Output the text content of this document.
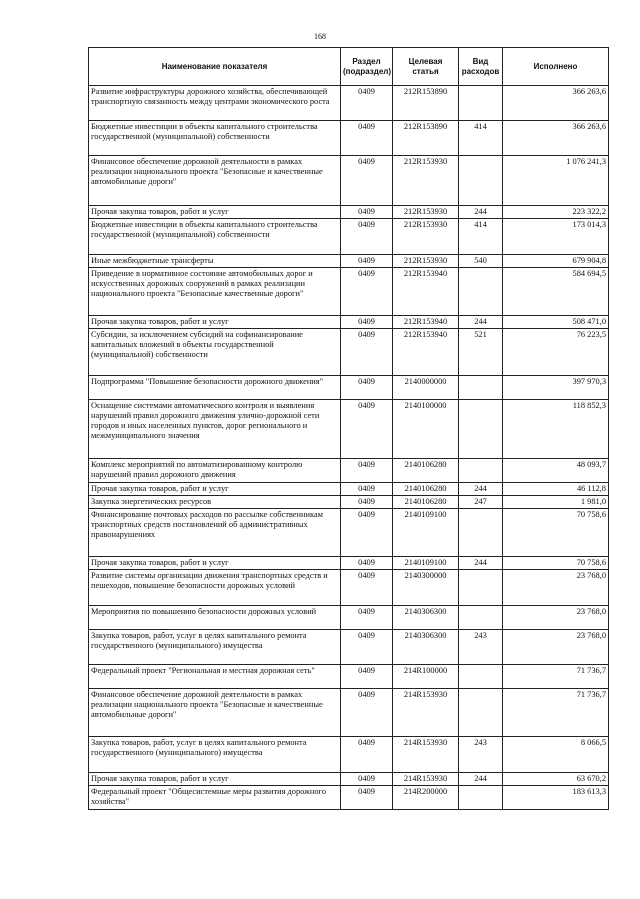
168
Наименование показателя	Раздел (подраздел)	Целевая статья	Вид расходов	Исполнено
Развитие инфраструктуры дорожного хозяйства, обеспечивающей транспортную связанность между центрами экономического роста	0409	212R153890		366 263,6
Бюджетные инвестиции в объекты капитального строительства государственной (муниципальной) собственности	0409	212R153890	414	366 263,6
Финансовое обеспечение дорожной деятельности в рамках реализации национального проекта "Безопасные и качественные автомобильные дороги"	0409	212R153930		1 076 241,3
Прочая закупка товаров, работ и услуг	0409	212R153930	244	223 322,2
Бюджетные инвестиции в объекты капитального строительства государственной (муниципальной) собственности	0409	212R153930	414	173 014,3
Иные межбюджетные трансферты	0409	212R153930	540	679 904,8
Приведение в нормативное состояние автомобильных дорог и искусственных дорожных сооружений в рамках реализации национального проекта "Безопасные качественные дороги"	0409	212R153940		584 694,5
Прочая закупка товаров, работ и услуг	0409	212R153940	244	508 471,0
Субсидии, за исключением субсидий на софинансирование капитальных вложений в объекты государственной (муниципальной) собственности	0409	212R153940	521	76 223,5
Подпрограмма "Повышение безопасности дорожного движения"	0409	2140000000		397 970,3
Оснащение системами автоматического контроля и выявления нарушений правил дорожного движения улично-дорожной сети городов и иных населенных пунктов, дорог регионального и межмуниципального значения	0409	2140100000		118 852,3
Комплекс мероприятий по автоматизированному контролю нарушений правил дорожного движения	0409	2140106280		48 093,7
Прочая закупка товаров, работ и услуг	0409	2140106280	244	46 112,8
Закупка энергетических ресурсов	0409	2140106280	247	1 981,0
Финансирование почтовых расходов по рассылке собственникам транспортных средств постановлений об административных правонарушениях	0409	2140109100		70 758,6
Прочая закупка товаров, работ и услуг	0409	2140109100	244	70 758,6
Развитие системы организации движения транспортных средств и пешеходов, повышение безопасности дорожных условий	0409	2140300000		23 768,0
Мероприятия по повышению безопасности дорожных условий	0409	2140306300		23 768,0
Закупка товаров, работ, услуг в целях капитального ремонта государственного (муниципального) имущества	0409	2140306300	243	23 768,0
Федеральный проект "Региональная и местная дорожная сеть"	0409	214R100000		71 736,7
Финансовое обеспечение дорожной деятельности в рамках реализации национального проекта "Безопасные и качественные автомобильные дороги"	0409	214R153930		71 736,7
Закупка товаров, работ, услуг в целях капитального ремонта государственного (муниципального) имущества	0409	214R153930	243	8 066,5
Прочая закупка товаров, работ и услуг	0409	214R153930	244	63 670,2
Федеральный проект "Общесистемные меры развития дорожного хозяйства"	0409	214R200000		183 613,3
